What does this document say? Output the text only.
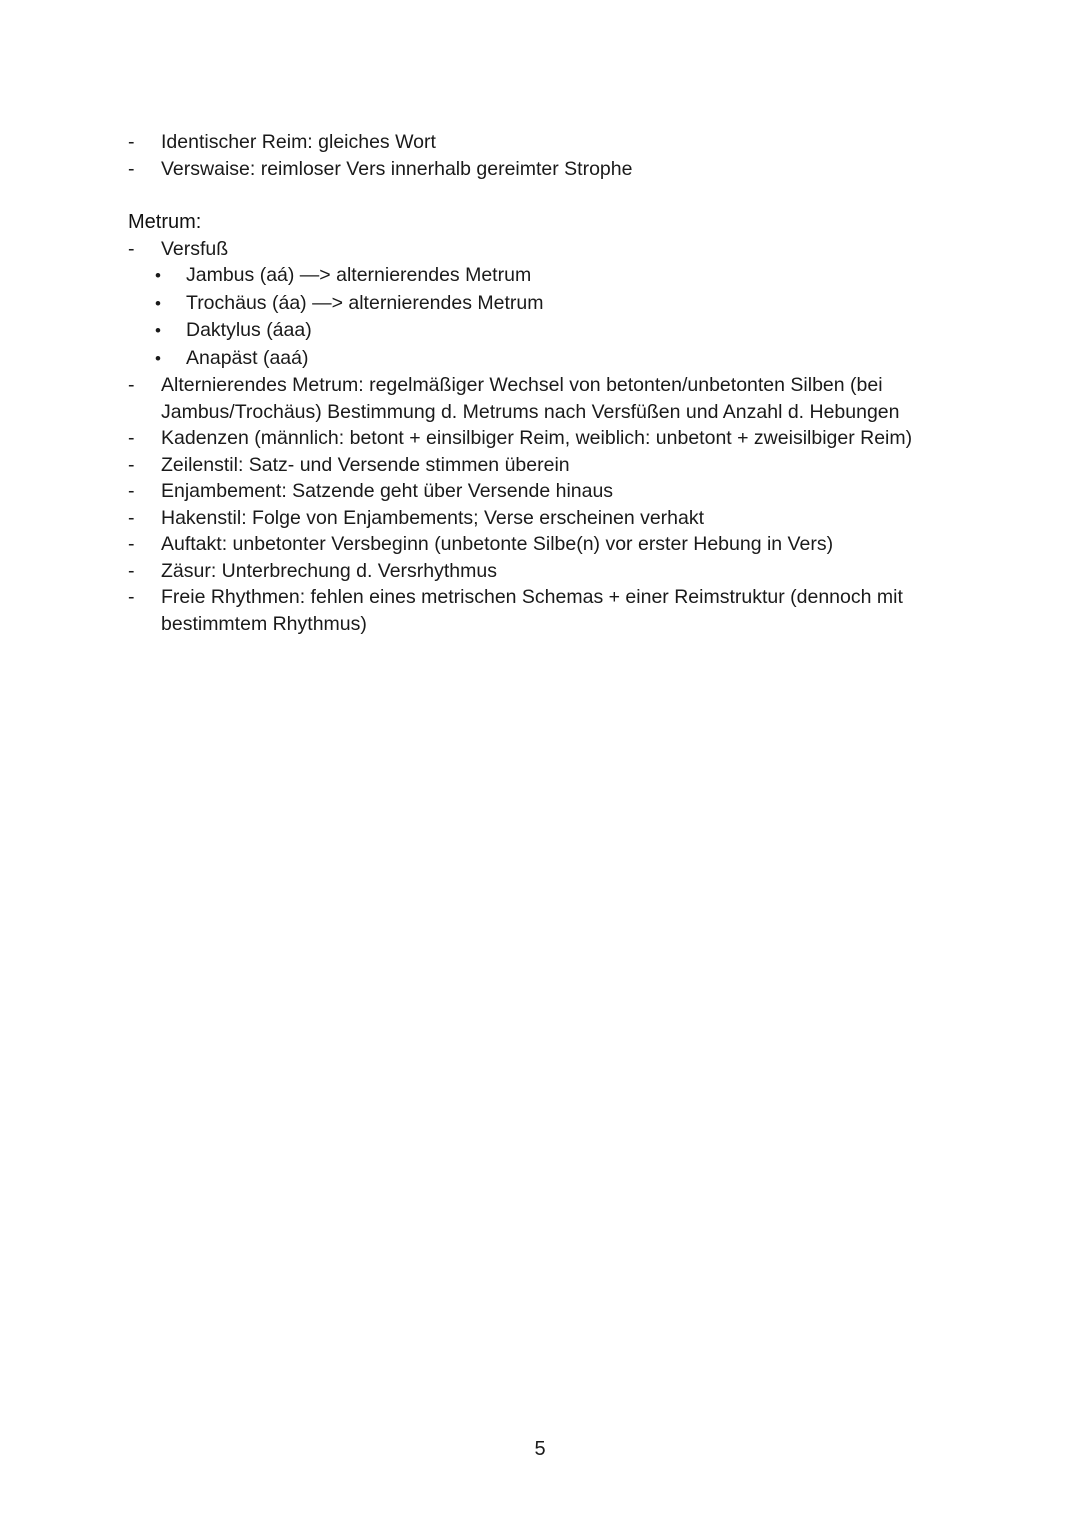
- Identischer Reim: gleiches Wort
- Verswaise: reimloser Vers innerhalb gereimter Strophe
Metrum:
- Versfuß
• Jambus (aá) —> alternierendes Metrum
• Trochäus (áa) —> alternierendes Metrum
• Daktylus (áaa)
• Anapäst (aaá)
- Alternierendes Metrum: regelmäßiger Wechsel von betonten/unbetonten Silben (bei Jambus/Trochäus) Bestimmung d. Metrums nach Versfüßen und Anzahl d. Hebungen
- Kadenzen (männlich: betont + einsilbiger Reim, weiblich: unbetont + zweisilbiger Reim)
- Zeilenstil: Satz- und Versende stimmen überein
- Enjambement: Satzende geht über Versende hinaus
- Hakenstil: Folge von Enjambements; Verse erscheinen verhakt
- Auftakt: unbetonter Versbeginn (unbetonte Silbe(n) vor erster Hebung in Vers)
- Zäsur: Unterbrechung d. Versrhythmus
- Freie Rhythmen: fehlen eines metrischen Schemas + einer Reimstruktur (dennoch mit bestimmtem Rhythmus)
5
